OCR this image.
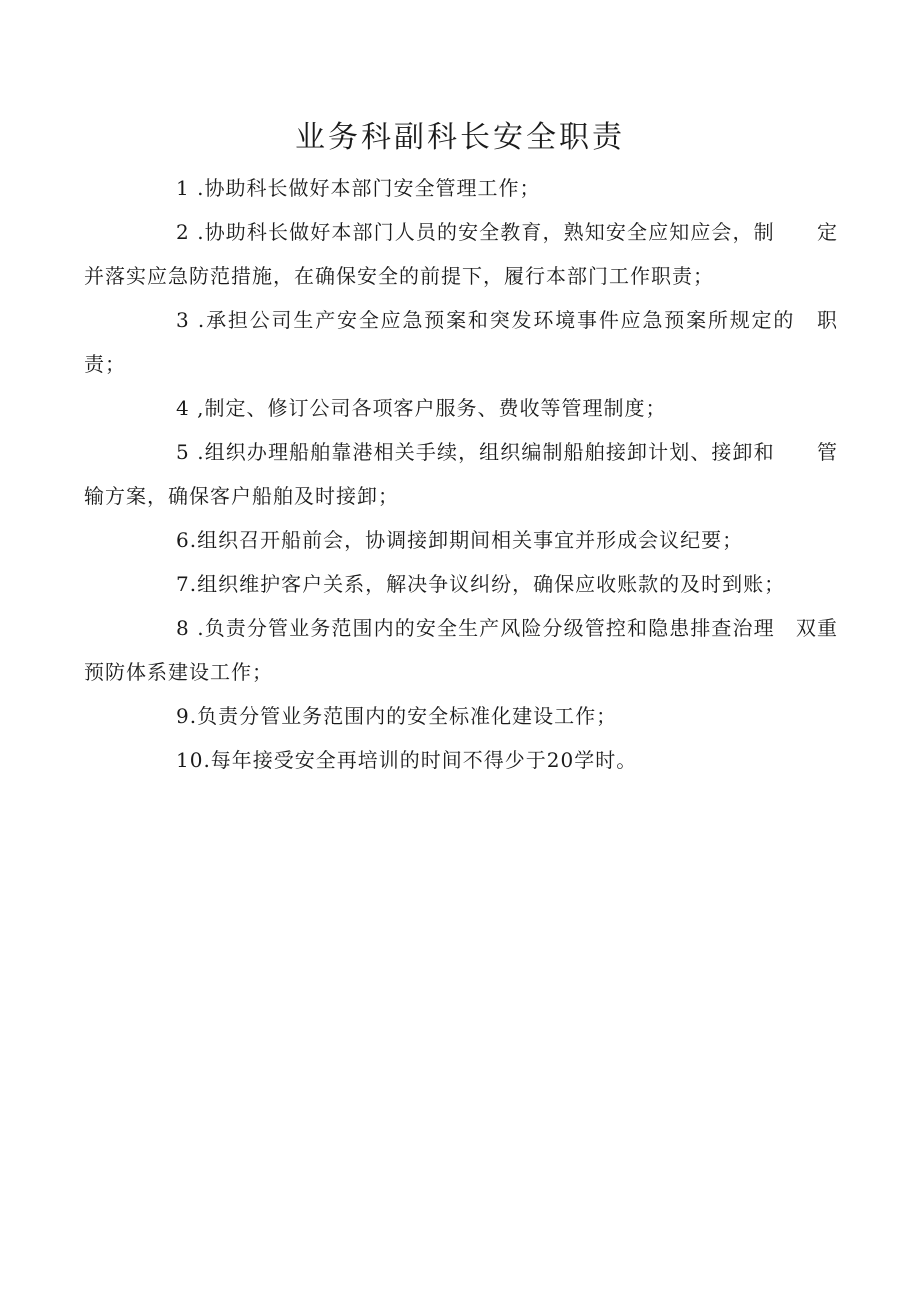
业务科副科长安全职责

1 .协助科长做好本部门安全管理工作；

2 .协助科长做好本部门人员的安全教育，熟知安全应知应会，制　　定并落实应急防范措施，在确保安全的前提下，履行本部门工作职责；

3 .承担公司生产安全应急预案和突发环境事件应急预案所规定的　职责；

4 ,制定、修订公司各项客户服务、费收等管理制度；

5 .组织办理船舶靠港相关手续，组织编制船舶接卸计划、接卸和　　管输方案，确保客户船舶及时接卸；

6.组织召开船前会，协调接卸期间相关事宜并形成会议纪要；

7.组织维护客户关系，解决争议纠纷，确保应收账款的及时到账；

8 .负责分管业务范围内的安全生产风险分级管控和隐患排查治理　双重预防体系建设工作；

9.负责分管业务范围内的安全标准化建设工作；

10.每年接受安全再培训的时间不得少于20学时。
